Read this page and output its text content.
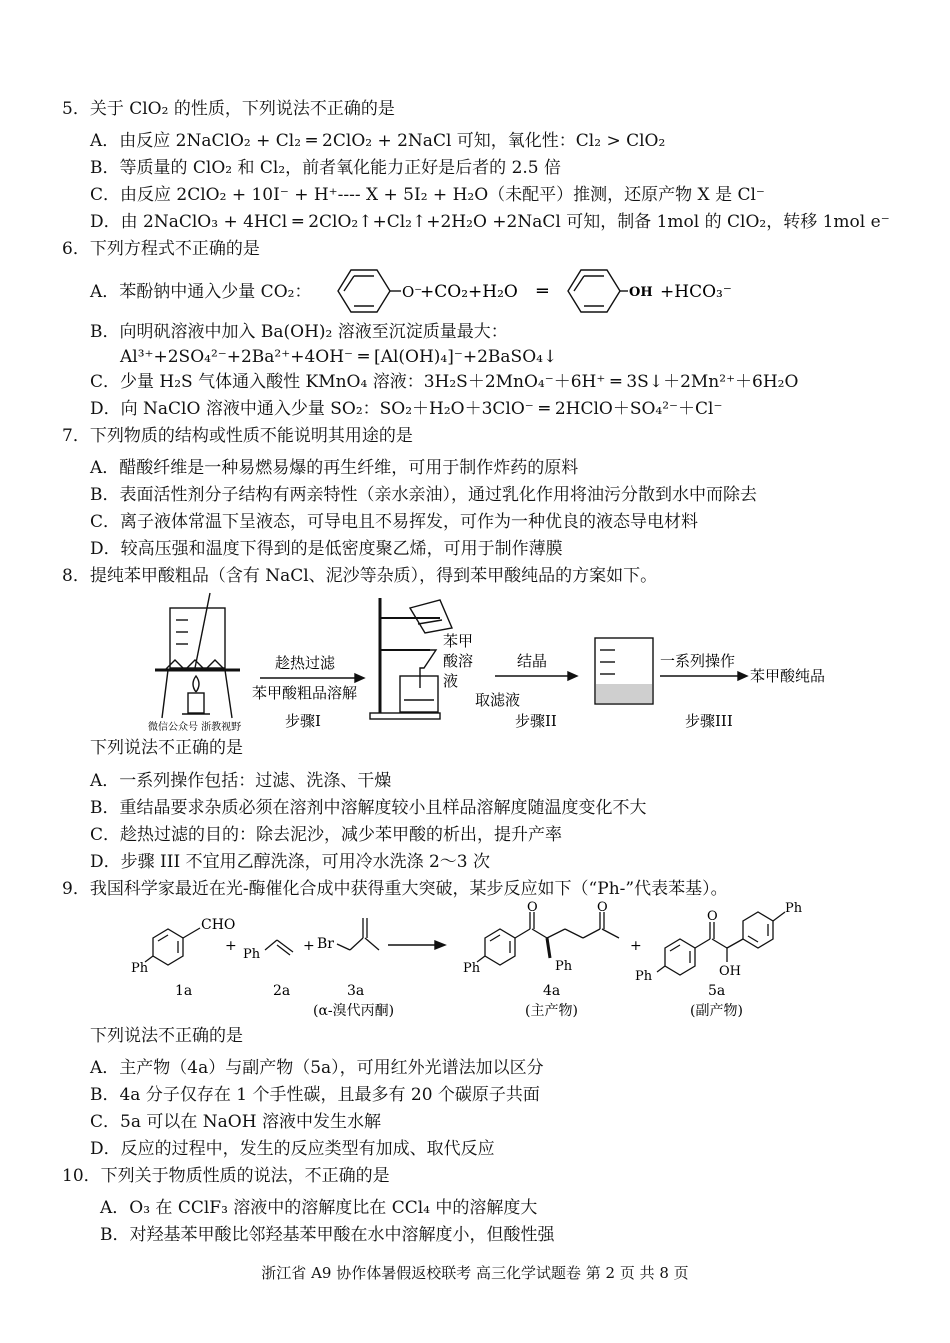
5．关于 ClO₂ 的性质，下列说法不正确的是
A．由反应 2NaClO₂ + Cl₂ ═ 2ClO₂ + 2NaCl 可知，氧化性：Cl₂ > ClO₂
B．等质量的 ClO₂ 和 Cl₂，前者氧化能力正好是后者的 2.5 倍
C．由反应 2ClO₂ + 10I⁻ + H⁺---- X + 5I₂ + H₂O（未配平）推测，还原产物 X 是 Cl⁻
D．由 2NaClO₃ + 4HCl ═ 2ClO₂↑+Cl₂↑+2H₂O +2NaCl 可知，制备 1mol 的 ClO₂，转移 1mol e⁻
6．下列方程式不正确的是
A．苯酚钠中通入少量 CO₂：	O⁻
+CO₂+H₂O ═	OH +HCO₃⁻
B．向明矾溶液中加入 Ba(OH)₂ 溶液至沉淀质量最大：
Al³⁺+2SO₄²⁻+2Ba²⁺+4OH⁻ ═ [Al(OH)₄]⁻+2BaSO₄↓
C．少量 H₂S 气体通入酸性 KMnO₄ 溶液：3H₂S＋2MnO₄⁻＋6H⁺ ═ 3S↓＋2Mn²⁺＋6H₂O
D．向 NaClO 溶液中通入少量 SO₂：SO₂＋H₂O＋3ClO⁻ ═ 2HClO＋SO₄²⁻＋Cl⁻
7．下列物质的结构或性质不能说明其用途的是
A．醋酸纤维是一种易燃易爆的再生纤维，可用于制作炸药的原料
B．表面活性剂分子结构有两亲特性（亲水亲油），通过乳化作用将油污分散到水中而除去
C．离子液体常温下呈液态，可导电且不易挥发，可作为一种优良的液态导电材料
D．较高压强和温度下得到的是低密度聚乙烯，可用于制作薄膜
8．提纯苯甲酸粗品（含有 NaCl、泥沙等杂质），得到苯甲酸纯品的方案如下。
微信公众号 浙教视野
趁热过滤
苯甲酸粗品溶解
步骤I
苯甲
酸溶
液
取滤液
结晶
步骤II
一系列操作
苯甲酸纯品
步骤III
下列说法不正确的是
A．一系列操作包括：过滤、洗涤、干燥
B．重结晶要求杂质必须在溶剂中溶解度较小且样品溶解度随温度变化不大
C．趁热过滤的目的：除去泥沙，减少苯甲酸的析出，提升产率
D．步骤 III 不宜用乙醇洗涤，可用冷水洗涤 2～3 次
9．我国科学家最近在光-酶催化合成中获得重大突破，某步反应如下（“Ph-”代表苯基）。
CHO
Ph
1a
+
Ph
2a
+ Br
3a
(α-溴代丙酮)
O	O
Ph	Ph
4a
(主产物)
+
O
OH
Ph
Ph
5a
(副产物)
下列说法不正确的是
A．主产物（4a）与副产物（5a），可用红外光谱法加以区分
B．4a 分子仅存在 1 个手性碳，且最多有 20 个碳原子共面
C．5a 可以在 NaOH 溶液中发生水解
D．反应的过程中，发生的反应类型有加成、取代反应
10．下列关于物质性质的说法，不正确的是
A．O₃ 在 CClF₃ 溶液中的溶解度比在 CCl₄ 中的溶解度大
B．对羟基苯甲酸比邻羟基苯甲酸在水中溶解度小，但酸性强
浙江省 A9 协作体暑假返校联考 高三化学试题卷 第 2 页 共 8 页
